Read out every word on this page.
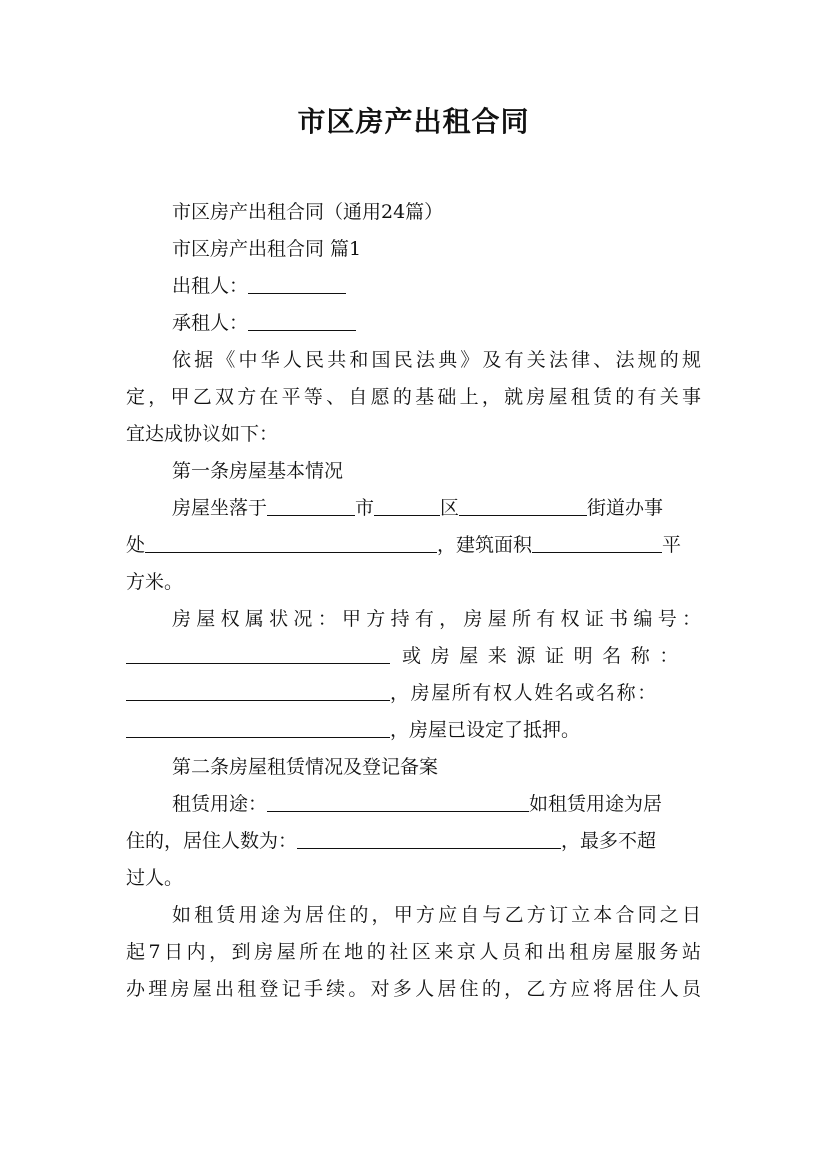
市区房产出租合同
市区房产出租合同（通用24篇）
市区房产出租合同 篇1
出租人：
承租人：
依据《中华人民共和国民法典》及有关法律、法规的规
定，甲乙双方在平等、自愿的基础上，就房屋租赁的有关事
宜达成协议如下：
第一条房屋基本情况
房屋坐落于	市	区	街道办事
处	，建筑面积	平
方米。
房屋权属状况：甲方持有，房屋所有权证书编号：
或房屋来源证明名称：
，房屋所有权人姓名或名称：
，房屋已设定了抵押。
第二条房屋租赁情况及登记备案
租赁用途：	如租赁用途为居
住的，居住人数为：	，最多不超
过人。
如租赁用途为居住的，甲方应自与乙方订立本合同之日
起7日内，到房屋所在地的社区来京人员和出租房屋服务站
办理房屋出租登记手续。对多人居住的，乙方应将居住人员
